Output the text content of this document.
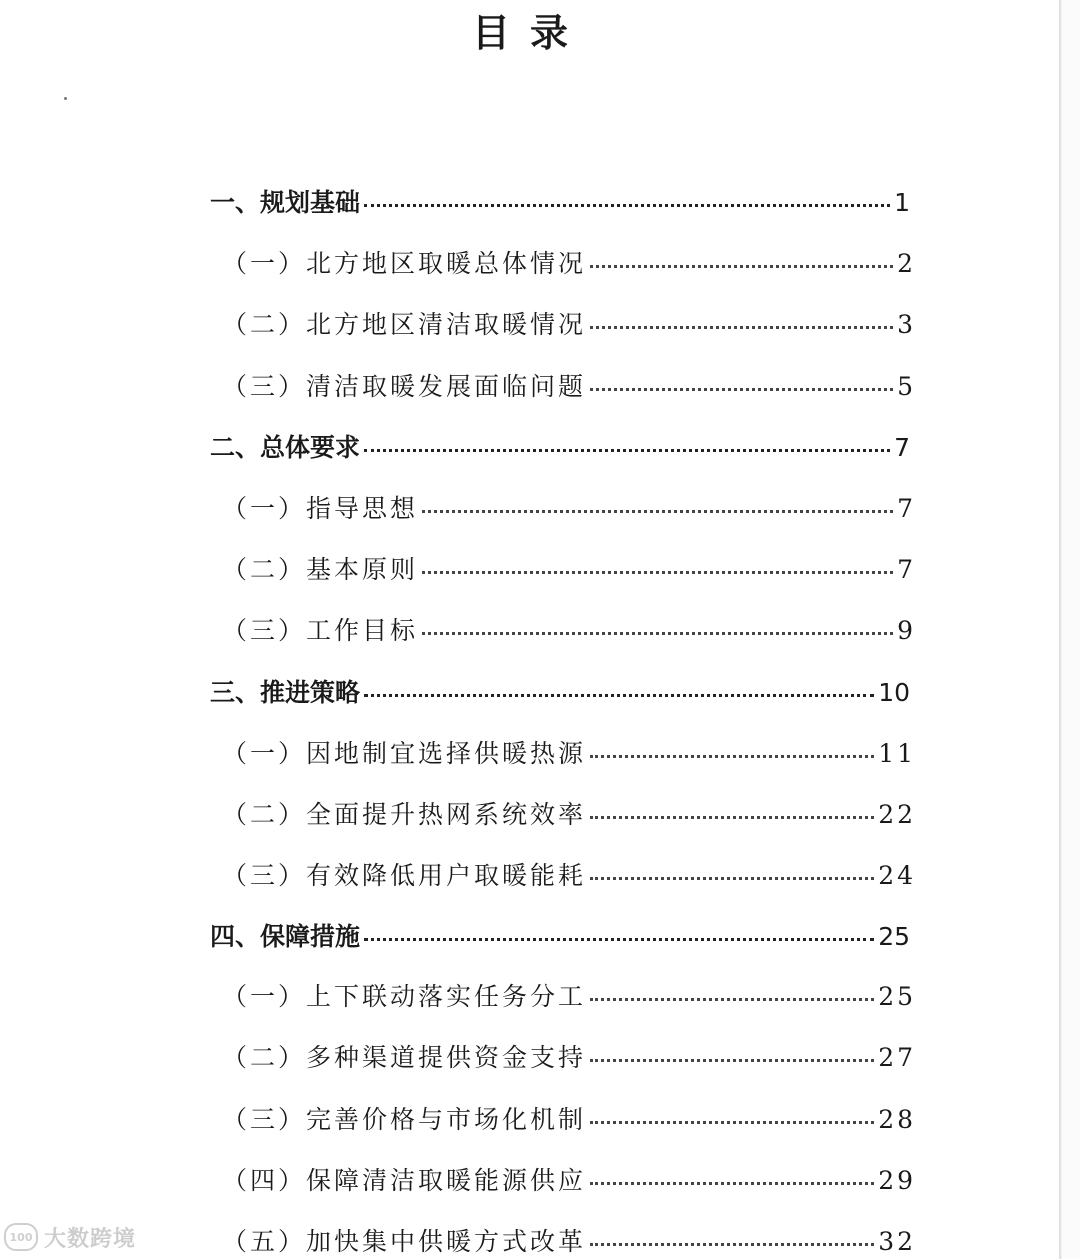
目录
一、规划基础	1
（一）北方地区取暖总体情况	2
（二）北方地区清洁取暖情况	3
（三）清洁取暖发展面临问题	5
二、总体要求	7
（一）指导思想	7
（二）基本原则	7
（三）工作目标	9
三、推进策略	10
（一）因地制宜选择供暖热源	11
（二）全面提升热网系统效率	22
（三）有效降低用户取暖能耗	24
四、保障措施	25
（一）上下联动落实任务分工	25
（二）多种渠道提供资金支持	27
（三）完善价格与市场化机制	28
（四）保障清洁取暖能源供应	29
（五）加快集中供暖方式改革	32
100 大数跨境
